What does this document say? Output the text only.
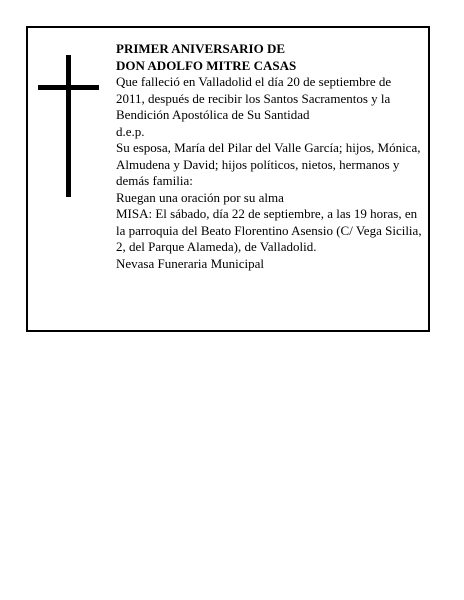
PRIMER ANIVERSARIO DE
DON ADOLFO MITRE CASAS
Que falleció en Valladolid el día 20 de septiembre de 2011, después de recibir los Santos Sacramentos y la Bendición Apostólica de Su Santidad
d.e.p.
Su esposa, María del Pilar del Valle García; hijos, Mónica, Almudena y David; hijos políticos, nietos, hermanos y demás familia:
Ruegan una oración por su alma
MISA: El sábado, día 22 de septiembre, a las 19 horas, en la parroquia del Beato Florentino Asensio (C/ Vega Sicilia, 2, del Parque Alameda), de Valladolid.
Nevasa Funeraria Municipal
